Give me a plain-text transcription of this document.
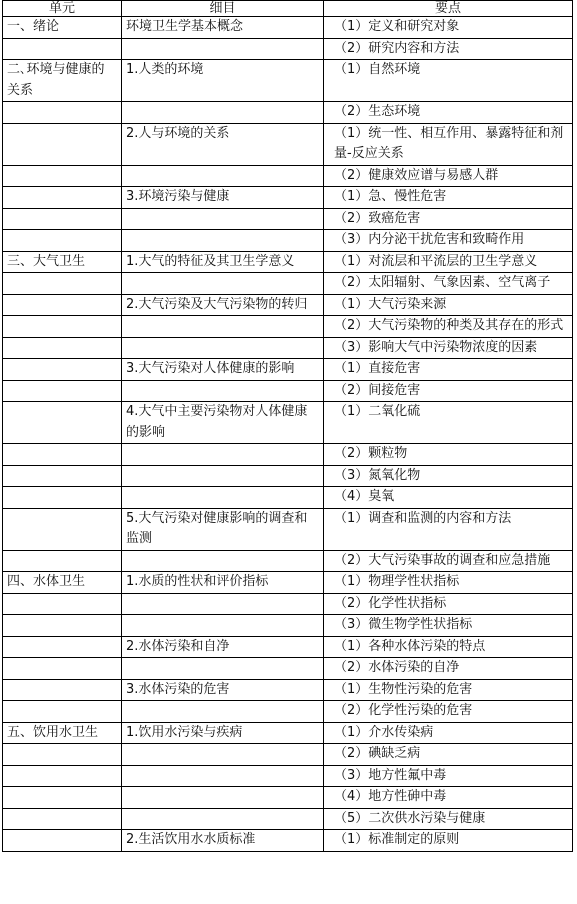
单元	细目	要点
一、绪论	环境卫生学基本概念	（1）定义和研究对象
		（2）研究内容和方法
二､环境与健康的关系	1.人类的环境	（1）自然环境
		（2）生态环境
	2.人与环境的关系	（1）统一性、相互作用、暴露特征和剂量-反应关系
		（2）健康效应谱与易感人群
	3.环境污染与健康	（1）急、慢性危害
		（2）致癌危害
		（3）内分泌干扰危害和致畸作用
三、大气卫生	1.大气的特征及其卫生学意义	（1）对流层和平流层的卫生学意义
		（2）太阳辐射、气象因素、空气离子
	2.大气污染及大气污染物的转归	（1）大气污染来源
		（2）大气污染物的种类及其存在的形式
		（3）影响大气中污染物浓度的因素
	3.大气污染对人体健康的影响	（1）直接危害
		（2）间接危害
	4.大气中主要污染物对人体健康的影响	（1）二氧化硫
		（2）颗粒物
		（3）氮氧化物
		（4）臭氧
	5.大气污染对健康影响的调查和监测	（1）调查和监测的内容和方法
		（2）大气污染事故的调查和应急措施
四、水体卫生	1.水质的性状和评价指标	（1）物理学性状指标
		（2）化学性状指标
		（3）微生物学性状指标
	2.水体污染和自净	（1）各种水体污染的特点
		（2）水体污染的自净
	3.水体污染的危害	（1）生物性污染的危害
		（2）化学性污染的危害
五、饮用水卫生	1.饮用水污染与疾病	（1）介水传染病
		（2）碘缺乏病
		（3）地方性氟中毒
		（4）地方性砷中毒
		（5）二次供水污染与健康
	2.生活饮用水水质标准	（1）标准制定的原则
